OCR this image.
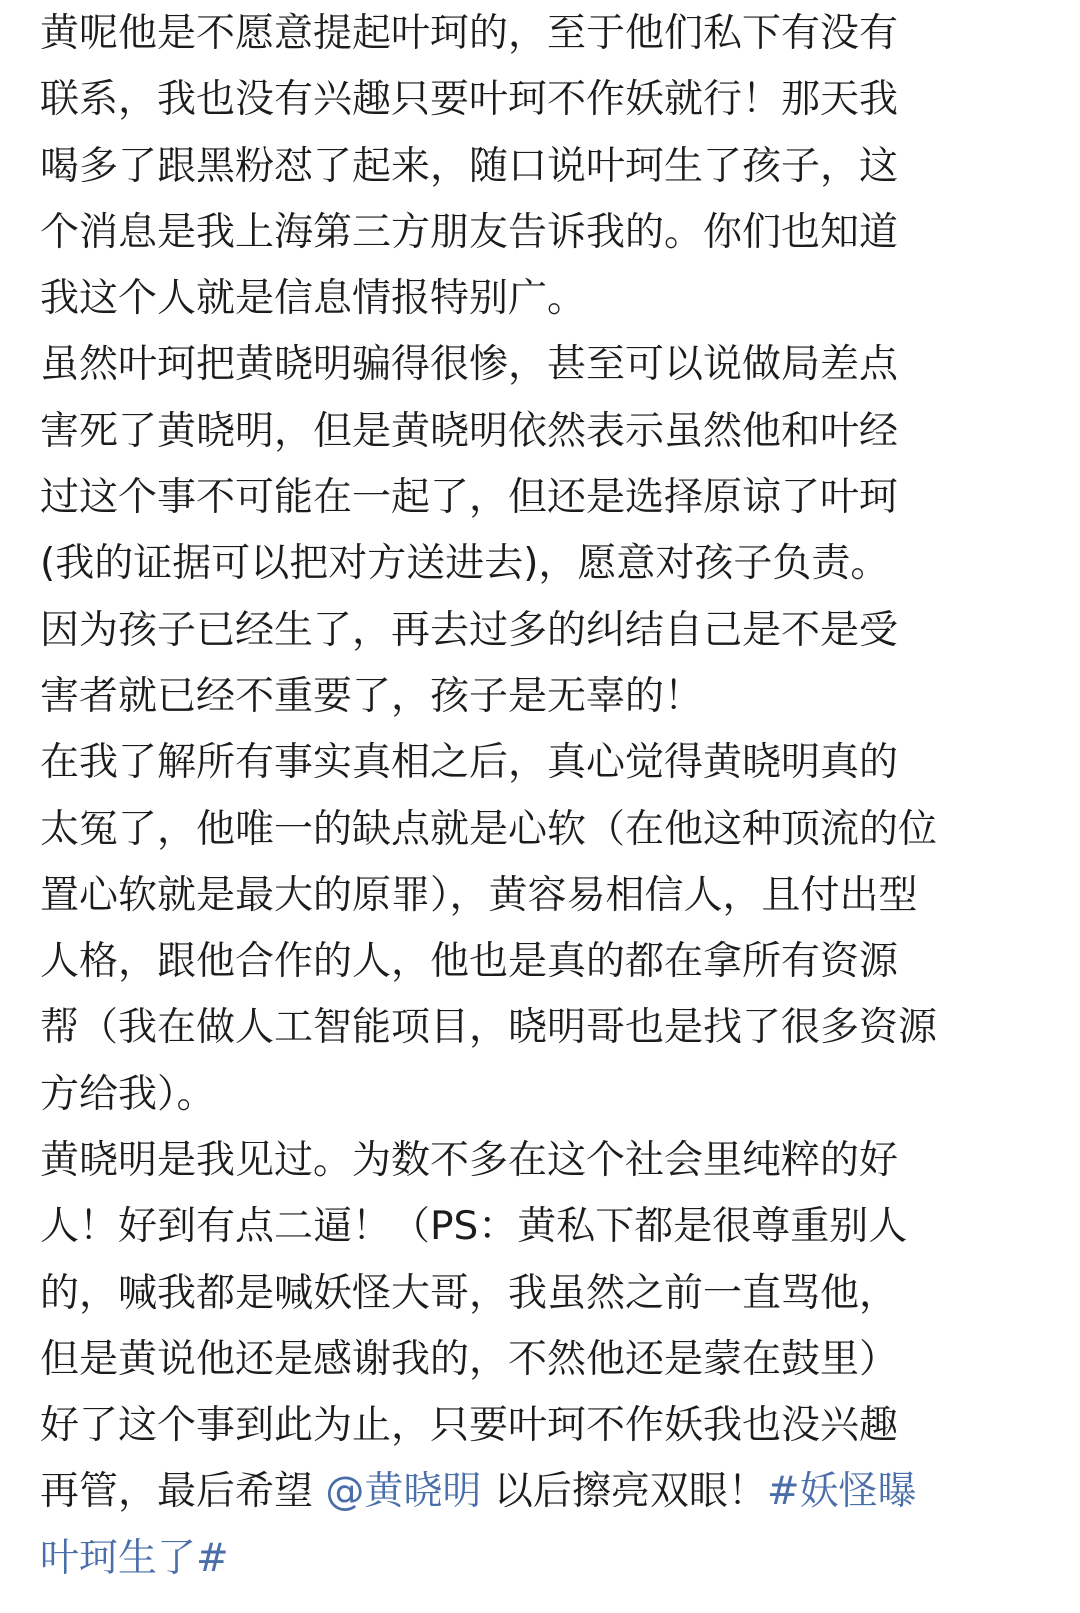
黄呢他是不愿意提起叶珂的，至于他们私下有没有
联系，我也没有兴趣只要叶珂不作妖就行！那天我
喝多了跟黑粉怼了起来，随口说叶珂生了孩子，这
个消息是我上海第三方朋友告诉我的。你们也知道
我这个人就是信息情报特别广。
虽然叶珂把黄晓明骗得很惨，甚至可以说做局差点
害死了黄晓明，但是黄晓明依然表示虽然他和叶经
过这个事不可能在一起了，但还是选择原谅了叶珂
(我的证据可以把对方送进去)，愿意对孩子负责。
因为孩子已经生了，再去过多的纠结自己是不是受
害者就已经不重要了，孩子是无辜的！
在我了解所有事实真相之后，真心觉得黄晓明真的
太冤了，他唯一的缺点就是心软（在他这种顶流的位
置心软就是最大的原罪），黄容易相信人，且付出型
人格，跟他合作的人，他也是真的都在拿所有资源
帮（我在做人工智能项目，晓明哥也是找了很多资源
方给我）。
黄晓明是我见过。为数不多在这个社会里纯粹的好
人！好到有点二逼！（PS：黄私下都是很尊重别人
的，喊我都是喊妖怪大哥，我虽然之前一直骂他，
但是黄说他还是感谢我的，不然他还是蒙在鼓里）
好了这个事到此为止，只要叶珂不作妖我也没兴趣
再管，最后希望 @黄晓明 以后擦亮双眼！#妖怪曝
叶珂生了#
